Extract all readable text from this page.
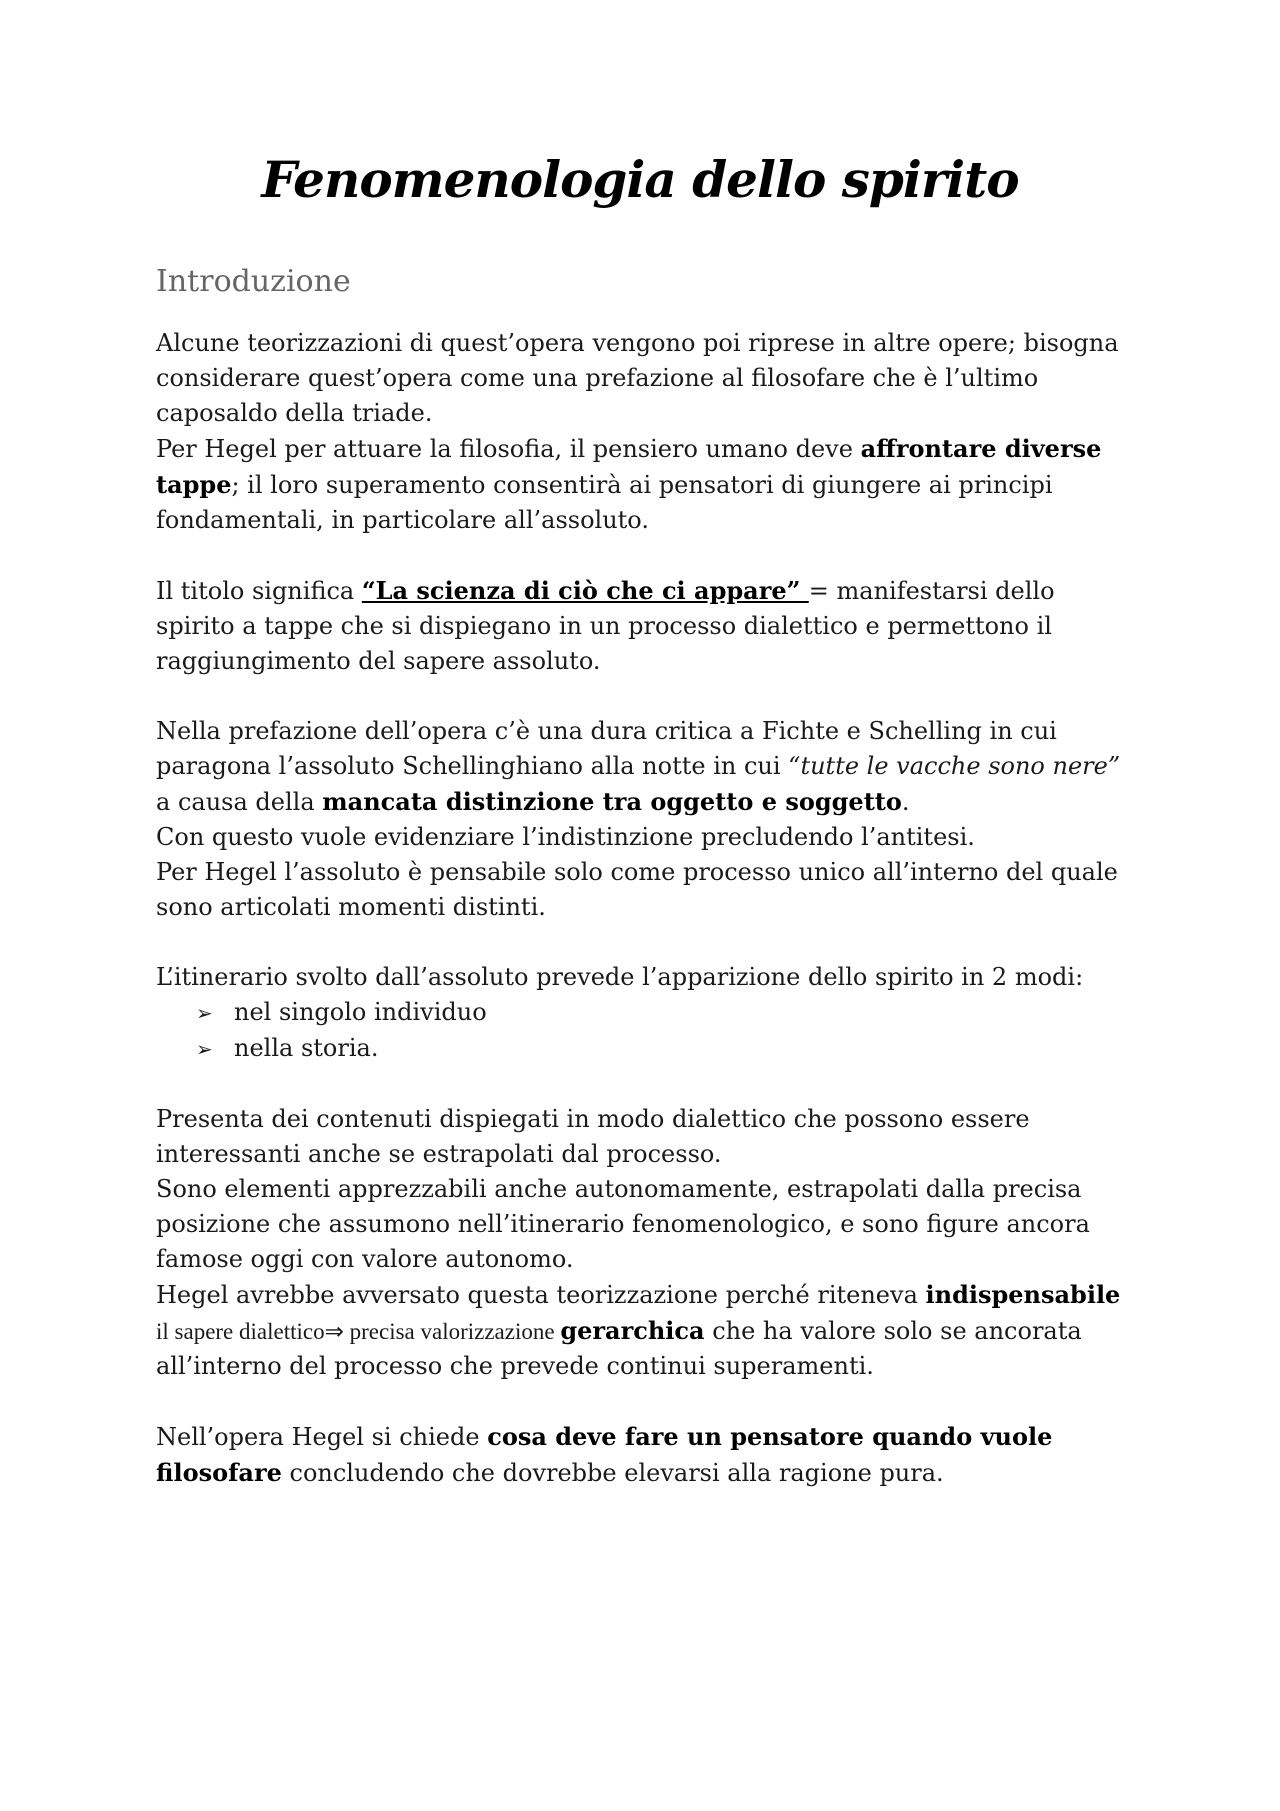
Fenomenologia dello spirito
Introduzione

Alcune teorizzazioni di quest’opera vengono poi riprese in altre opere; bisogna considerare quest’opera come una prefazione al filosofare che è l’ultimo caposaldo della triade.

Per Hegel per attuare la filosofia, il pensiero umano deve affrontare diverse tappe; il loro superamento consentirà ai pensatori di giungere ai principi fondamentali, in particolare all’assoluto.

Il titolo significa “La scienza di ciò che ci appare” = manifestarsi dello spirito a tappe che si dispiegano in un processo dialettico e permettono il raggiungimento del sapere assoluto.

Nella prefazione dell’opera c’è una dura critica a Fichte e Schelling in cui paragona l’assoluto Schellinghiano alla notte in cui “tutte le vacche sono nere” a causa della mancata distinzione tra oggetto e soggetto.

Con questo vuole evidenziare l’indistinzione precludendo l’antitesi.

Per Hegel l’assoluto è pensabile solo come processo unico all’interno del quale sono articolati momenti distinti.

L’itinerario svolto dall’assoluto prevede l’apparizione dello spirito in 2 modi:

➢ nel singolo individuo
➢ nella storia.

Presenta dei contenuti dispiegati in modo dialettico che possono essere interessanti anche se estrapolati dal processo.

Sono elementi apprezzabili anche autonomamente, estrapolati dalla precisa posizione che assumono nell’itinerario fenomenologico, e sono figure ancora famose oggi con valore autonomo.

Hegel avrebbe avversato questa teorizzazione perché riteneva indispensabile il sapere dialettico⇒ precisa valorizzazione gerarchica che ha valore solo se ancorata all’interno del processo che prevede continui superamenti.

Nell’opera Hegel si chiede cosa deve fare un pensatore quando vuole filosofare concludendo che dovrebbe elevarsi alla ragione pura.
